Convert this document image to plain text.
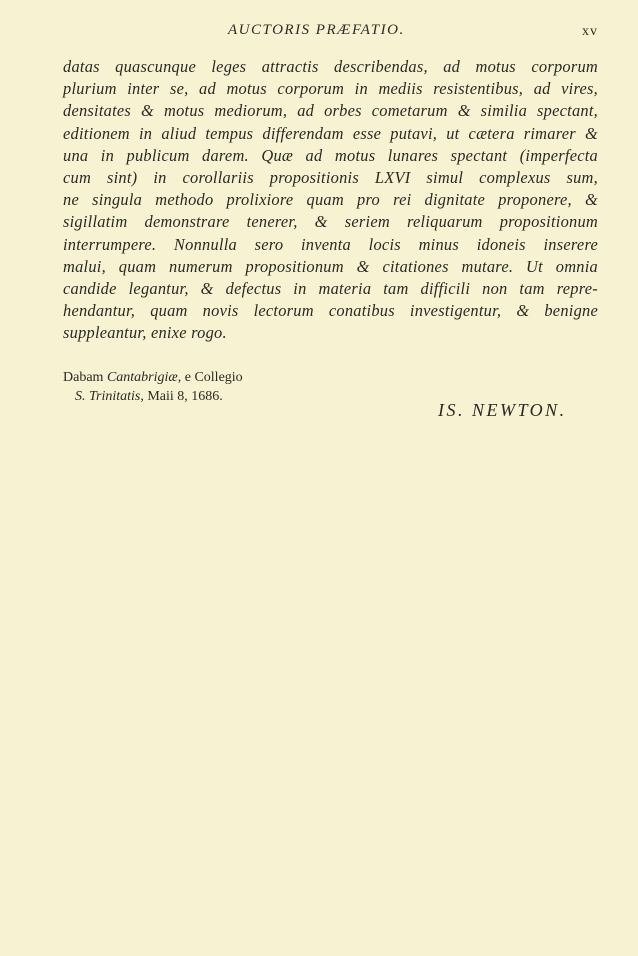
AUCTORIS PRÆFATIO.	xv
datas quascunque leges attractis describendas, ad motus corporum
plurium inter se, ad motus corporum in mediis resistentibus, ad vires,
densitates & motus mediorum, ad orbes cometarum & similia spectant,
editionem in aliud tempus differendam esse putavi, ut cætera rimarer &
una in publicum darem. Quæ ad motus lunares spectant (imperfecta
cum sint) in corollariis propositionis LXVI simul complexus sum,
ne singula methodo prolixiore quam pro rei dignitate proponere, &
sigillatim demonstrare tenerer, & seriem reliquarum propositionum
interrumpere. Nonnulla sero inventa locis minus idoneis inserere
malui, quam numerum propositionum & citationes mutare. Ut omnia
candide legantur, & defectus in materia tam difficili non tam repre-
hendantur, quam novis lectorum conatibus investigentur, & benigne
suppleantur, enixe rogo.
Dabam Cantabrigiæ, e Collegio
S. Trinitatis, Maii 8, 1686.
IS. NEWTON.
